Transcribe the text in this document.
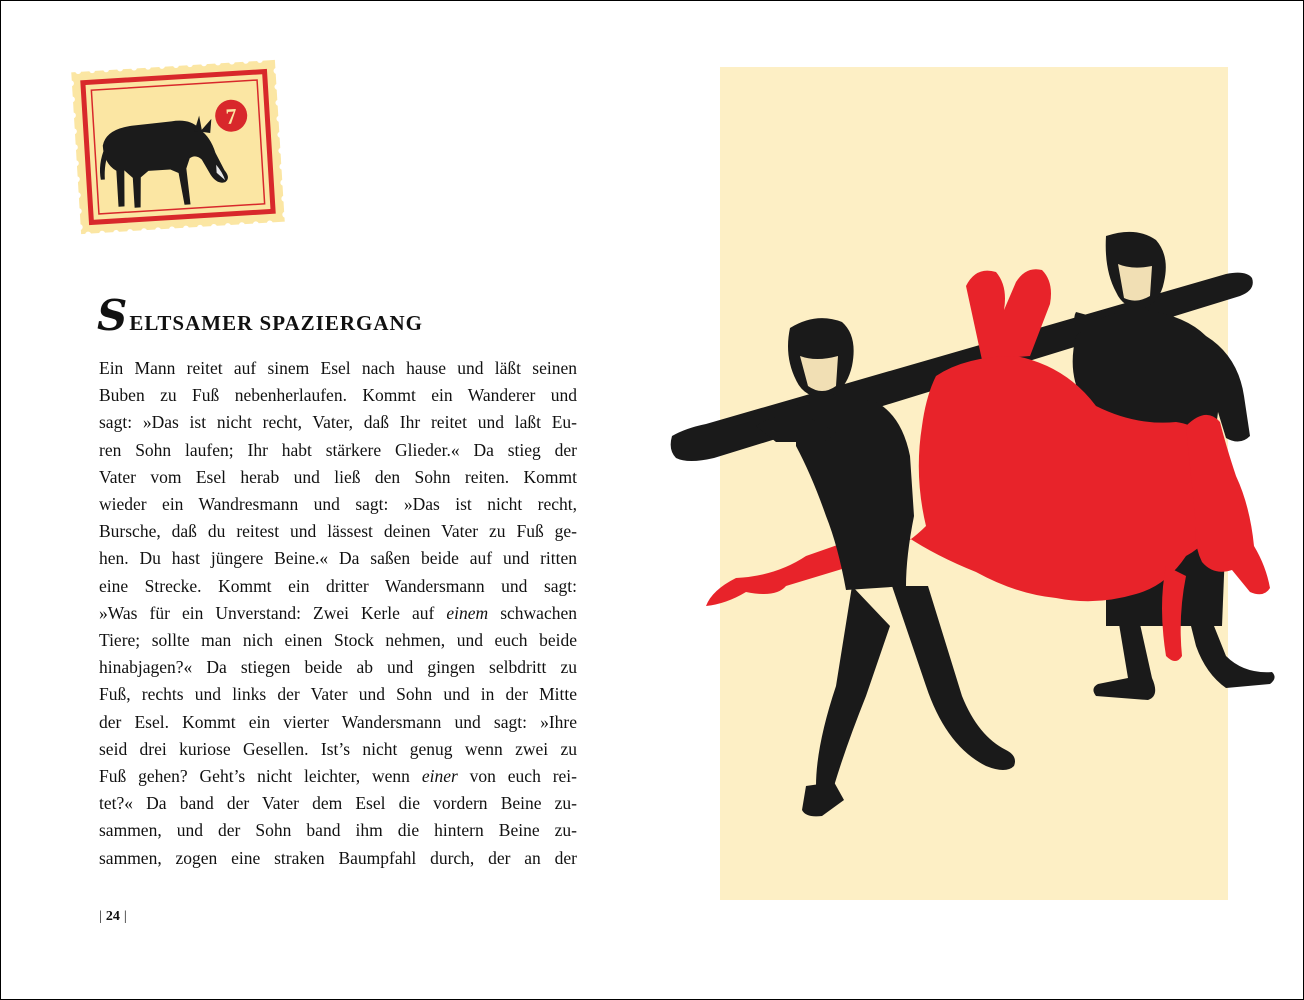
7
SELTSAMER SPAZIERGANG
Ein Mann reitet auf sinem Esel nach hause und läßt seinen
Buben zu Fuß nebenherlaufen. Kommt ein Wanderer und
sagt: »Das ist nicht recht, Vater, daß Ihr reitet und laßt Eu-
ren Sohn laufen; Ihr habt stärkere Glieder.« Da stieg der
Vater vom Esel herab und ließ den Sohn reiten. Kommt
wieder ein Wandresmann und sagt: »Das ist nicht recht,
Bursche, daß du reitest und lässest deinen Vater zu Fuß ge-
hen. Du hast jüngere Beine.« Da saßen beide auf und ritten
eine Strecke. Kommt ein dritter Wandersmann und sagt:
»Was für ein Unverstand: Zwei Kerle auf einem schwachen
Tiere; sollte man nich einen Stock nehmen, und euch beide
hinabjagen?« Da stiegen beide ab und gingen selbdritt zu
Fuß, rechts und links der Vater und Sohn und in der Mitte
der Esel. Kommt ein vierter Wandersmann und sagt: »Ihre
seid drei kuriose Gesellen. Ist’s nicht genug wenn zwei zu
Fuß gehen? Geht’s nicht leichter, wenn einer von euch rei-
tet?« Da band der Vater dem Esel die vordern Beine zu-
sammen, und der Sohn band ihm die hintern Beine zu-
sammen, zogen eine straken Baumpfahl durch, der an der

| 24 |
